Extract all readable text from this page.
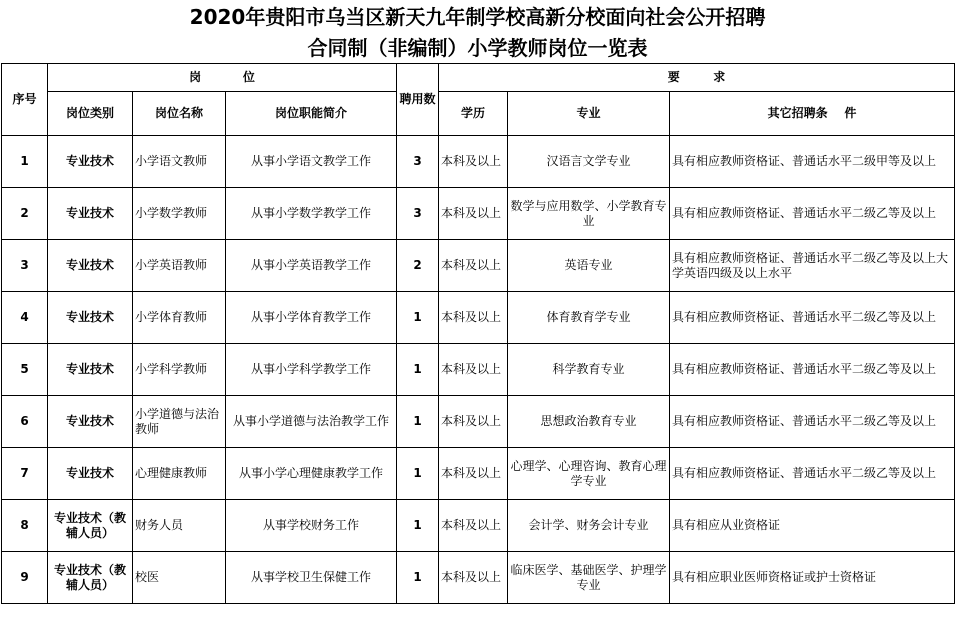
2020年贵阳市乌当区新天九年制学校高新分校面向社会公开招聘
合同制（非编制）小学教师岗位一览表
序号	岗          位			聘用数	要        求		
	岗位类别	岗位名称	岗位职能简介		学历	专业	其它招聘条    件
1	专业技术	小学语文教师	从事小学语文教学工作	3	本科及以上	汉语言文学专业	具有相应教师资格证、普通话水平二级甲等及以上
2	专业技术	小学数学教师	从事小学数学教学工作	3	本科及以上	数学与应用数学、小学教育专业	具有相应教师资格证、普通话水平二级乙等及以上
3	专业技术	小学英语教师	从事小学英语教学工作	2	本科及以上	英语专业	具有相应教师资格证、普通话水平二级乙等及以上大学英语四级及以上水平
4	专业技术	小学体育教师	从事小学体育教学工作	1	本科及以上	体育教育学专业	具有相应教师资格证、普通话水平二级乙等及以上
5	专业技术	小学科学教师	从事小学科学教学工作	1	本科及以上	科学教育专业	具有相应教师资格证、普通话水平二级乙等及以上
6	专业技术	小学道德与法治教师	从事小学道德与法治教学工作	1	本科及以上	思想政治教育专业	具有相应教师资格证、普通话水平二级乙等及以上
7	专业技术	心理健康教师	从事小学心理健康教学工作	1	本科及以上	心理学、心理咨询、教育心理学专业	具有相应教师资格证、普通话水平二级乙等及以上
8	专业技术（教辅人员）	财务人员	从事学校财务工作	1	本科及以上	会计学、财务会计专业	具有相应从业资格证
9	专业技术（教辅人员）	校医	从事学校卫生保健工作	1	本科及以上	临床医学、基础医学、护理学专业	具有相应职业医师资格证或护士资格证
